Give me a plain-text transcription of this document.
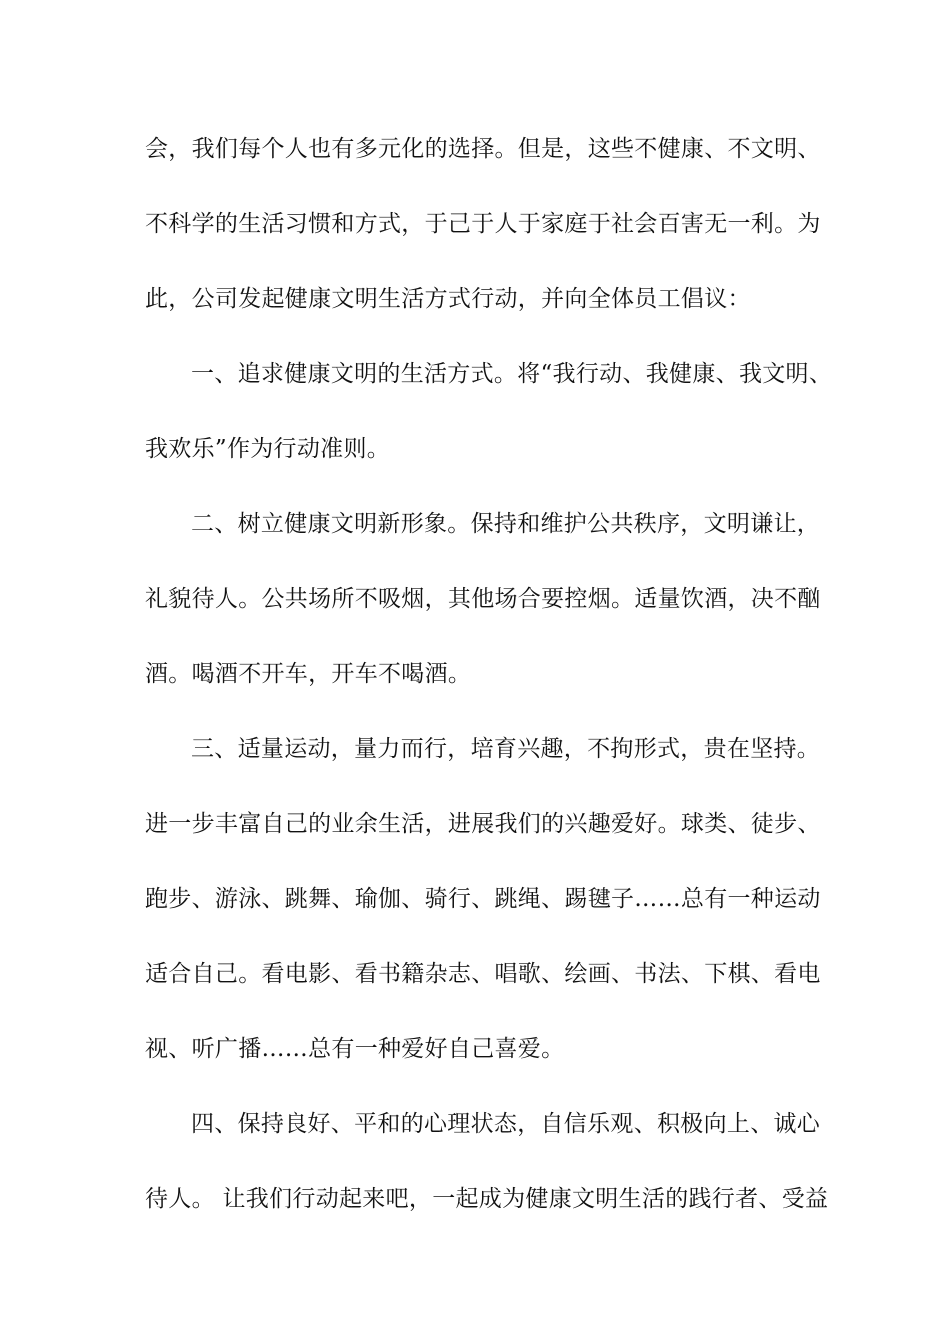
会，我们每个人也有多元化的选择。但是，这些不健康、不文明、
不科学的生活习惯和方式，于己于人于家庭于社会百害无一利。为
此，公司发起健康文明生活方式行动，并向全体员工倡议：
一、追求健康文明的生活方式。将“我行动、我健康、我文明、
我欢乐”作为行动准则。
二、树立健康文明新形象。保持和维护公共秩序，文明谦让，
礼貌待人。公共场所不吸烟，其他场合要控烟。适量饮酒，决不酗
酒。喝酒不开车，开车不喝酒。
三、适量运动，量力而行，培育兴趣，不拘形式，贵在坚持。
进一步丰富自己的业余生活，进展我们的兴趣爱好。球类、徒步、
跑步、游泳、跳舞、瑜伽、骑行、跳绳、踢毽子……总有一种运动
适合自己。看电影、看书籍杂志、唱歌、绘画、书法、下棋、看电
视、听广播……总有一种爱好自己喜爱。
四、保持良好、平和的心理状态，自信乐观、积极向上、诚心
待人。 让我们行动起来吧，一起成为健康文明生活的践行者、受益
